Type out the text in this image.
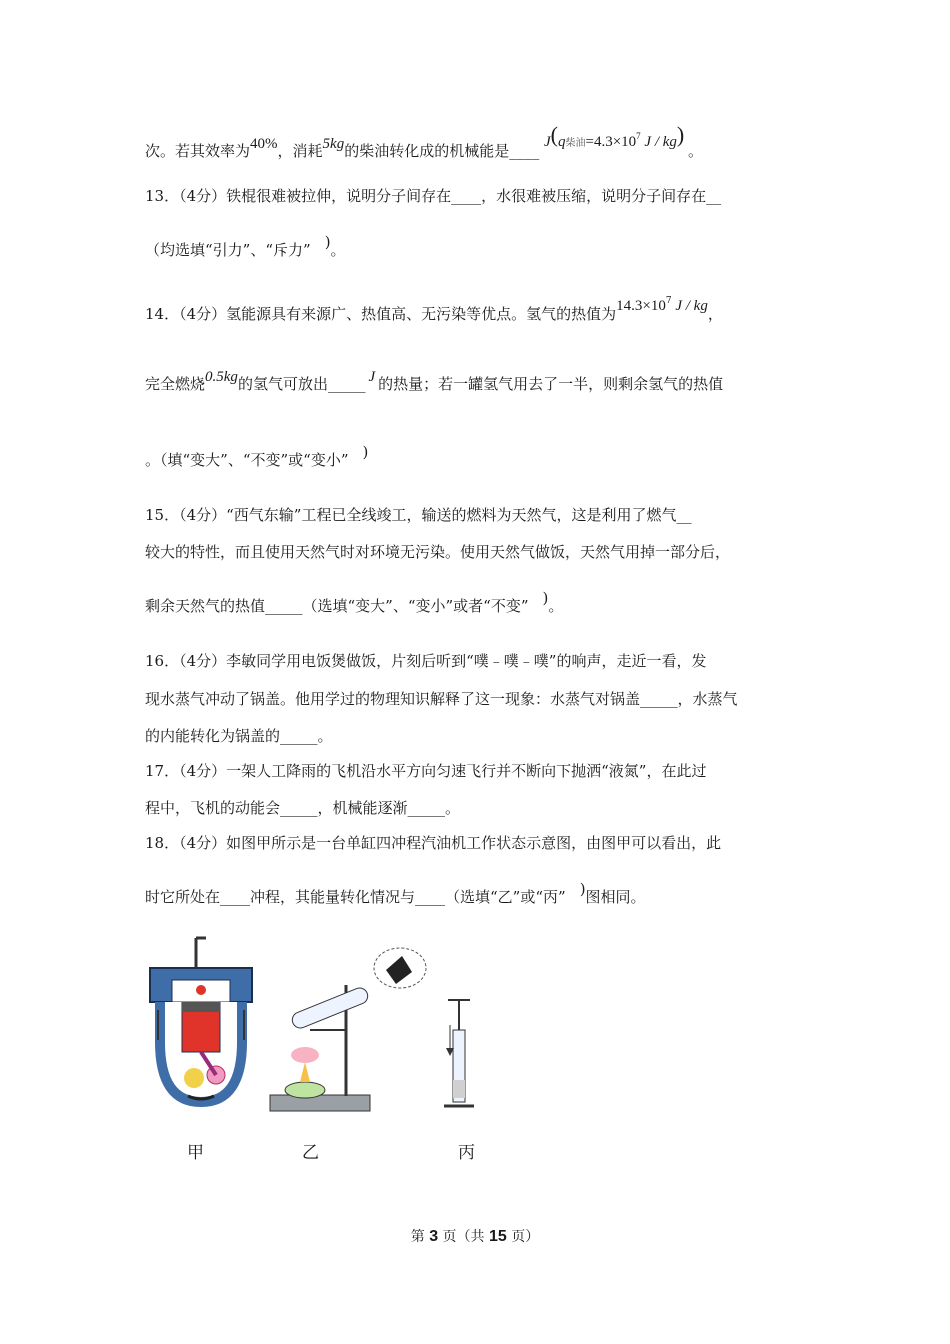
次。若其效率为40%，消耗5kg的柴油转化成的机械能是____ J(q柴油$=4.3\times 10^7$ J / kg) 。
13．（4分）铁棍很难被拉伸，说明分子间存在____，水很难被压缩，说明分子间存在__
（均选填“引力”、“斥力” )。
14．（4分）氢能源具有来源广、热值高、无污染等优点。氢气的热值为$14.3\times 10^7$ J / kg，
完全燃烧0.5kg的氢气可放出_____ J 的热量；若一罐氢气用去了一半，则剩余氢气的热值
。（填“变大”、“不变”或“变小” )
15．（4分）“西气东输”工程已全线竣工，输送的燃料为天然气，这是利用了燃气__
较大的特性，而且使用天然气时对环境无污染。使用天然气做饭，天然气用掉一部分后，
剩余天然气的热值_____（选填“变大”、“变小”或者“不变” )。
16．（4分）李敏同学用电饭煲做饭，片刻后听到“噗﹣噗﹣噗”的响声，走近一看，发
现水蒸气冲动了锅盖。他用学过的物理知识解释了这一现象：水蒸气对锅盖_____，水蒸气
的内能转化为锅盖的_____。
17．（4分）一架人工降雨的飞机沿水平方向匀速飞行并不断向下抛洒“液氮”，在此过
程中，飞机的动能会_____，机械能逐渐_____。
18．（4分）如图甲所示是一台单缸四冲程汽油机工作状态示意图，由图甲可以看出，此
时它所处在____冲程，其能量转化情况与____（选填“乙”或“丙” )图相同。
甲	乙	丙
第 3 页（共 15 页）
